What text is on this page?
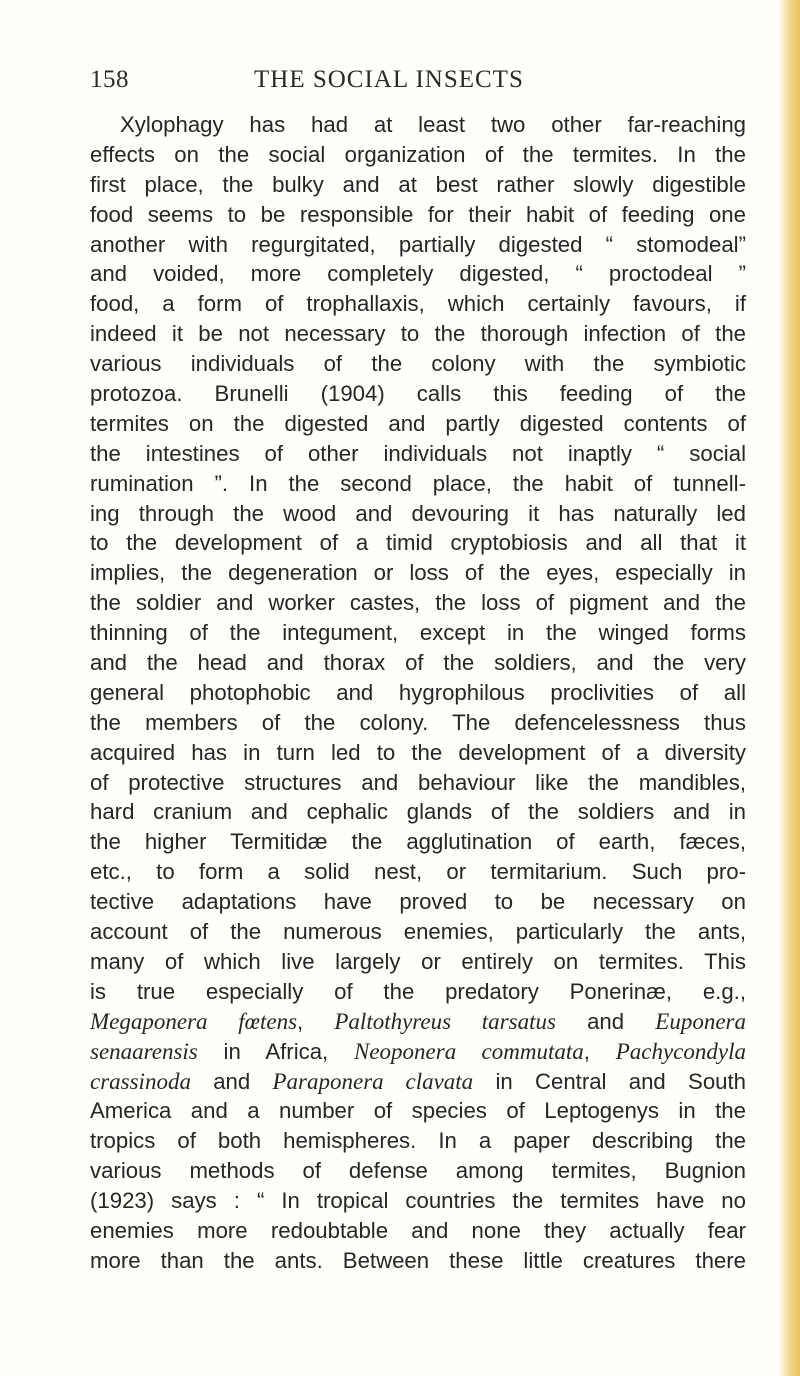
158	THE SOCIAL INSECTS
Xylophagy has had at least two other far-reaching
effects on the social organization of the termites. In the
first place, the bulky and at best rather slowly digestible
food seems to be responsible for their habit of feeding one
another with regurgitated, partially digested “ stomodeal”
and voided, more completely digested, “ proctodeal ”
food, a form of trophallaxis, which certainly favours, if
indeed it be not necessary to the thorough infection of the
various individuals of the colony with the symbiotic
protozoa. Brunelli (1904) calls this feeding of the
termites on the digested and partly digested contents of
the intestines of other individuals not inaptly “ social
rumination ”. In the second place, the habit of tunnell-
ing through the wood and devouring it has naturally led
to the development of a timid cryptobiosis and all that it
implies, the degeneration or loss of the eyes, especially in
the soldier and worker castes, the loss of pigment and the
thinning of the integument, except in the winged forms
and the head and thorax of the soldiers, and the very
general photophobic and hygrophilous proclivities of all
the members of the colony. The defencelessness thus
acquired has in turn led to the development of a diversity
of protective structures and behaviour like the mandibles,
hard cranium and cephalic glands of the soldiers and in
the higher Termitidæ the agglutination of earth, fæces,
etc., to form a solid nest, or termitarium. Such pro-
tective adaptations have proved to be necessary on
account of the numerous enemies, particularly the ants,
many of which live largely or entirely on termites. This
is true especially of the predatory Ponerinæ, e.g.,
Megaponera fœtens, Paltothyreus tarsatus and Euponera
senaarensis in Africa, Neoponera commutata, Pachycondyla
crassinoda and Paraponera clavata in Central and South
America and a number of species of Leptogenys in the
tropics of both hemispheres. In a paper describing the
various methods of defense among termites, Bugnion
(1923) says : “ In tropical countries the termites have no
enemies more redoubtable and none they actually fear
more than the ants. Between these little creatures there
